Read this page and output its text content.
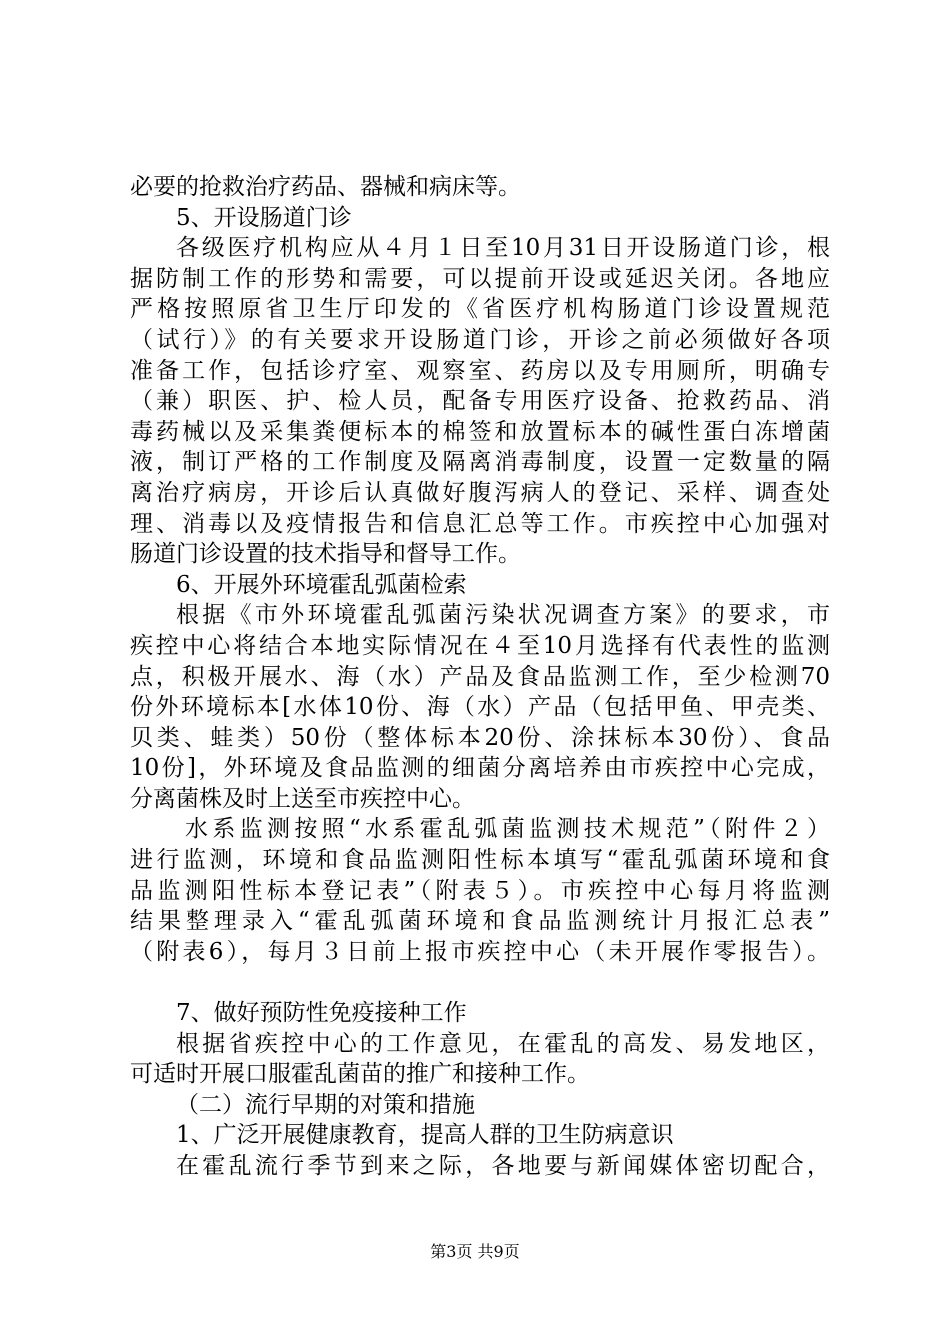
必要的抢救治疗药品、器械和病床等。
5、开设肠道门诊
各级医疗机构应从４月１日至10月31日开设肠道门诊，根
据防制工作的形势和需要，可以提前开设或延迟关闭。各地应
严格按照原省卫生厅印发的《省医疗机构肠道门诊设置规范
（试行）》的有关要求开设肠道门诊，开诊之前必须做好各项
准备工作，包括诊疗室、观察室、药房以及专用厕所，明确专
（兼）职医、护、检人员，配备专用医疗设备、抢救药品、消
毒药械以及采集粪便标本的棉签和放置标本的碱性蛋白冻增菌
液，制订严格的工作制度及隔离消毒制度，设置一定数量的隔
离治疗病房，开诊后认真做好腹泻病人的登记、采样、调查处
理、消毒以及疫情报告和信息汇总等工作。市疾控中心加强对
肠道门诊设置的技术指导和督导工作。
6、开展外环境霍乱弧菌检索
根据《市外环境霍乱弧菌污染状况调查方案》的要求，市
疾控中心将结合本地实际情况在４至10月选择有代表性的监测
点，积极开展水、海（水）产品及食品监测工作，至少检测70
份外环境标本[水体10份、海（水）产品（包括甲鱼、甲壳类、
贝类、蛙类）50份（整体标本20份、涂抹标本30份）、食品
10份]，外环境及食品监测的细菌分离培养由市疾控中心完成，
分离菌株及时上送至市疾控中心。
水系监测按照“水系霍乱弧菌监测技术规范”（附件２）
进行监测，环境和食品监测阳性标本填写“霍乱弧菌环境和食
品监测阳性标本登记表”（附表５）。市疾控中心每月将监测
结果整理录入“霍乱弧菌环境和食品监测统计月报汇总表”
（附表6），每月３日前上报市疾控中心（未开展作零报告）。
7、做好预防性免疫接种工作
根据省疾控中心的工作意见，在霍乱的高发、易发地区，
可适时开展口服霍乱菌苗的推广和接种工作。
（二）流行早期的对策和措施
1、广泛开展健康教育，提高人群的卫生防病意识
在霍乱流行季节到来之际，各地要与新闻媒体密切配合，
第3页 共9页
